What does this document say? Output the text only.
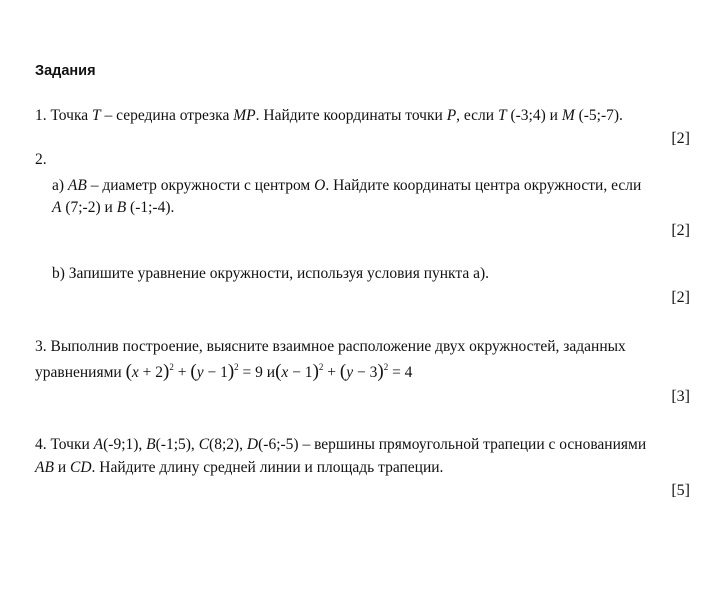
Задания
1. Точка T – середина отрезка MP. Найдите координаты точки P, если T (-3;4) и M (-5;-7).
[2]
2.
a) AB – диаметр окружности с центром O. Найдите координаты центра окружности, если
A (7;-2) и B (-1;-4).
[2]
b) Запишите уравнение окружности, используя условия пункта а).
[2]
3. Выполнив построение, выясните взаимное расположение двух окружностей, заданных
уравнениями $(x + 2)^2 + (y - 1)^2 = 9$ $и(x - 1)^2 + (y - 3)^2 = 4$
[3]
4. Точки A(-9;1), B(-1;5), C(8;2), D(-6;-5) – вершины прямоугольной трапеции с основаниями
AB и CD. Найдите длину средней линии и площадь трапеции.
[5]
